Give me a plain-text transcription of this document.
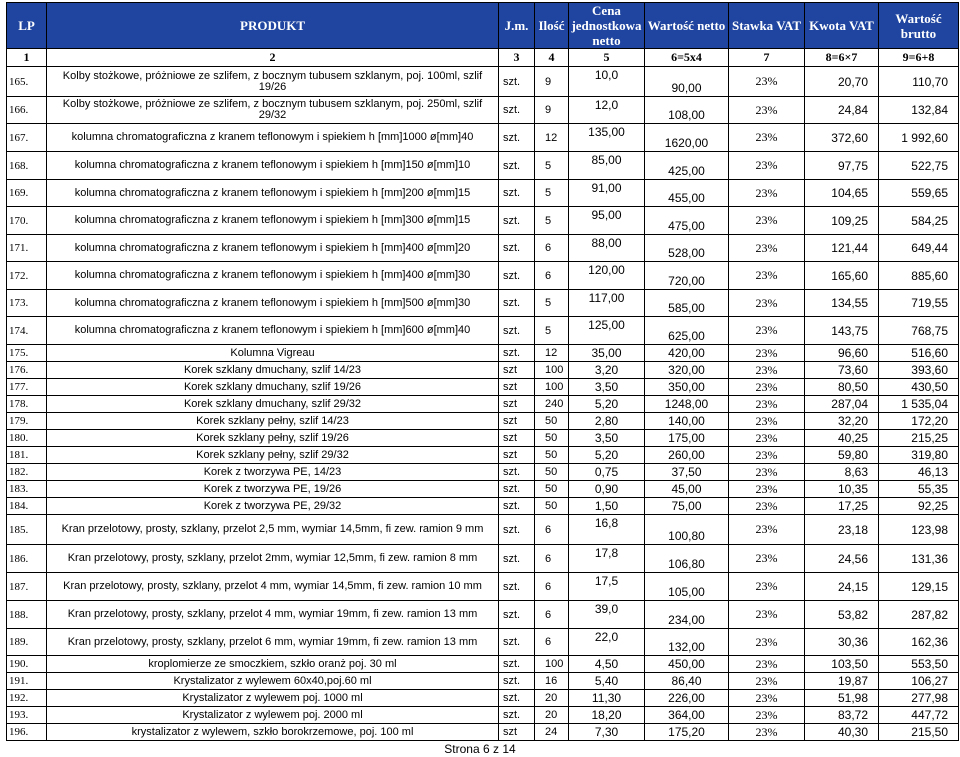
LP	PRODUKT	J.m.	Ilość	Cena jednostkowa netto	Wartość netto	Stawka VAT	Kwota VAT	Wartość brutto
1	2	3	4	5	6=5x4	7	8=6×7	9=6+8
165.	Kolby stożkowe, próżniowe ze szlifem, z bocznym tubusem szklanym, poj. 100ml, szlif 19/26	szt.	9	10,0	90,00	23%	20,70	110,70
166.	Kolby stożkowe, próżniowe ze szlifem, z bocznym tubusem szklanym, poj. 250ml, szlif 29/32	szt.	9	12,0	108,00	23%	24,84	132,84
167.	kolumna chromatograficzna z kranem teflonowym i spiekiem h [mm]1000 ø[mm]40	szt.	12	135,00	1620,00	23%	372,60	1 992,60
168.	kolumna chromatograficzna z kranem teflonowym i spiekiem h [mm]150 ø[mm]10	szt.	5	85,00	425,00	23%	97,75	522,75
169.	kolumna chromatograficzna z kranem teflonowym i spiekiem h [mm]200 ø[mm]15	szt.	5	91,00	455,00	23%	104,65	559,65
170.	kolumna chromatograficzna z kranem teflonowym i spiekiem h [mm]300 ø[mm]15	szt.	5	95,00	475,00	23%	109,25	584,25
171.	kolumna chromatograficzna z kranem teflonowym i spiekiem h [mm]400 ø[mm]20	szt.	6	88,00	528,00	23%	121,44	649,44
172.	kolumna chromatograficzna z kranem teflonowym i spiekiem h [mm]400 ø[mm]30	szt.	6	120,00	720,00	23%	165,60	885,60
173.	kolumna chromatograficzna z kranem teflonowym i spiekiem h [mm]500 ø[mm]30	szt.	5	117,00	585,00	23%	134,55	719,55
174.	kolumna chromatograficzna z kranem teflonowym i spiekiem h [mm]600 ø[mm]40	szt.	5	125,00	625,00	23%	143,75	768,75
175.	Kolumna Vigreau	szt.	12	35,00	420,00	23%	96,60	516,60
176.	Korek szklany dmuchany, szlif 14/23	szt	100	3,20	320,00	23%	73,60	393,60
177.	Korek szklany dmuchany, szlif 19/26	szt	100	3,50	350,00	23%	80,50	430,50
178.	Korek szklany dmuchany, szlif 29/32	szt	240	5,20	1248,00	23%	287,04	1 535,04
179.	Korek szklany pełny, szlif 14/23	szt	50	2,80	140,00	23%	32,20	172,20
180.	Korek szklany pełny, szlif 19/26	szt	50	3,50	175,00	23%	40,25	215,25
181.	Korek szklany pełny, szlif 29/32	szt	50	5,20	260,00	23%	59,80	319,80
182.	Korek z tworzywa PE, 14/23	szt.	50	0,75	37,50	23%	8,63	46,13
183.	Korek z tworzywa PE, 19/26	szt.	50	0,90	45,00	23%	10,35	55,35
184.	Korek z tworzywa PE, 29/32	szt.	50	1,50	75,00	23%	17,25	92,25
185.	Kran przelotowy, prosty, szklany, przelot 2,5 mm, wymiar 14,5mm, fi zew. ramion 9 mm	szt.	6	16,8	100,80	23%	23,18	123,98
186.	Kran przelotowy, prosty, szklany, przelot 2mm, wymiar 12,5mm, fi zew. ramion 8 mm	szt.	6	17,8	106,80	23%	24,56	131,36
187.	Kran przelotowy, prosty, szklany, przelot 4 mm, wymiar 14,5mm, fi zew. ramion 10 mm	szt.	6	17,5	105,00	23%	24,15	129,15
188.	Kran przelotowy, prosty, szklany, przelot 4 mm, wymiar 19mm, fi zew. ramion 13 mm	szt.	6	39,0	234,00	23%	53,82	287,82
189.	Kran przelotowy, prosty, szklany, przelot 6 mm, wymiar 19mm, fi zew. ramion 13 mm	szt.	6	22,0	132,00	23%	30,36	162,36
190.	kroplomierze ze smoczkiem, szkło oranż poj. 30 ml	szt.	100	4,50	450,00	23%	103,50	553,50
191.	Krystalizator z wylewem 60x40,poj.60 ml	szt.	16	5,40	86,40	23%	19,87	106,27
192.	Krystalizator z wylewem poj. 1000 ml	szt.	20	11,30	226,00	23%	51,98	277,98
193.	Krystalizator z wylewem poj. 2000 ml	szt.	20	18,20	364,00	23%	83,72	447,72
196.	krystalizator z wylewem, szkło borokrzemowe, poj. 100 ml	szt	24	7,30	175,20	23%	40,30	215,50
Strona 6 z 14
